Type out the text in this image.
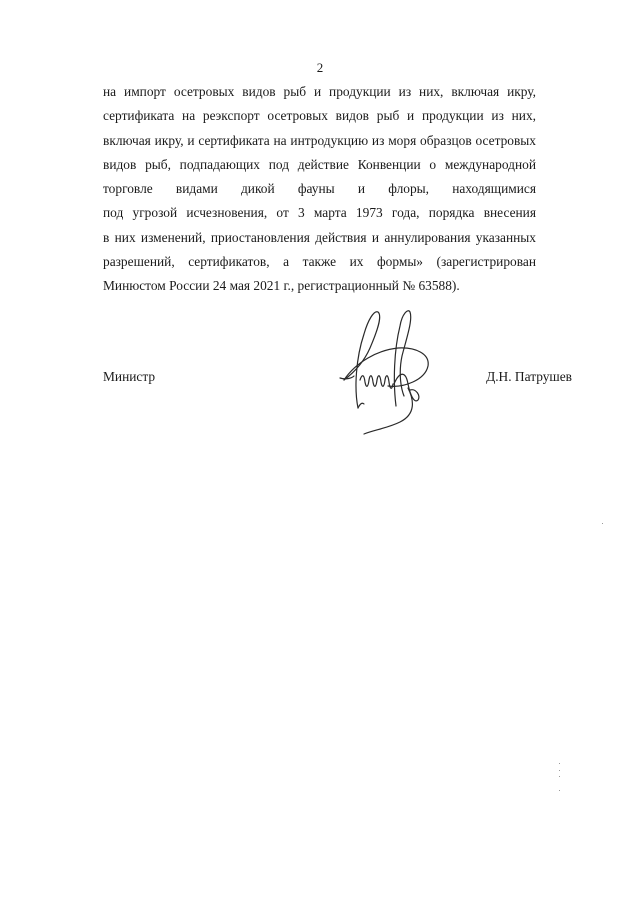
2
на импорт осетровых видов рыб и продукции из них, включая икру,
сертификата на реэкспорт осетровых видов рыб и продукции из них,
включая икру, и сертификата на интродукцию из моря образцов осетровых
видов рыб, подпадающих под действие Конвенции о международной
торговле видами дикой фауны и флоры, находящимися
под угрозой исчезновения, от 3 марта 1973 года, порядка внесения
в них изменений, приостановления действия и аннулирования указанных
разрешений, сертификатов, а также их формы» (зарегистрирован
Минюстом России 24 мая 2021 г., регистрационный № 63588).
Министр	Д.Н. Патрушев
